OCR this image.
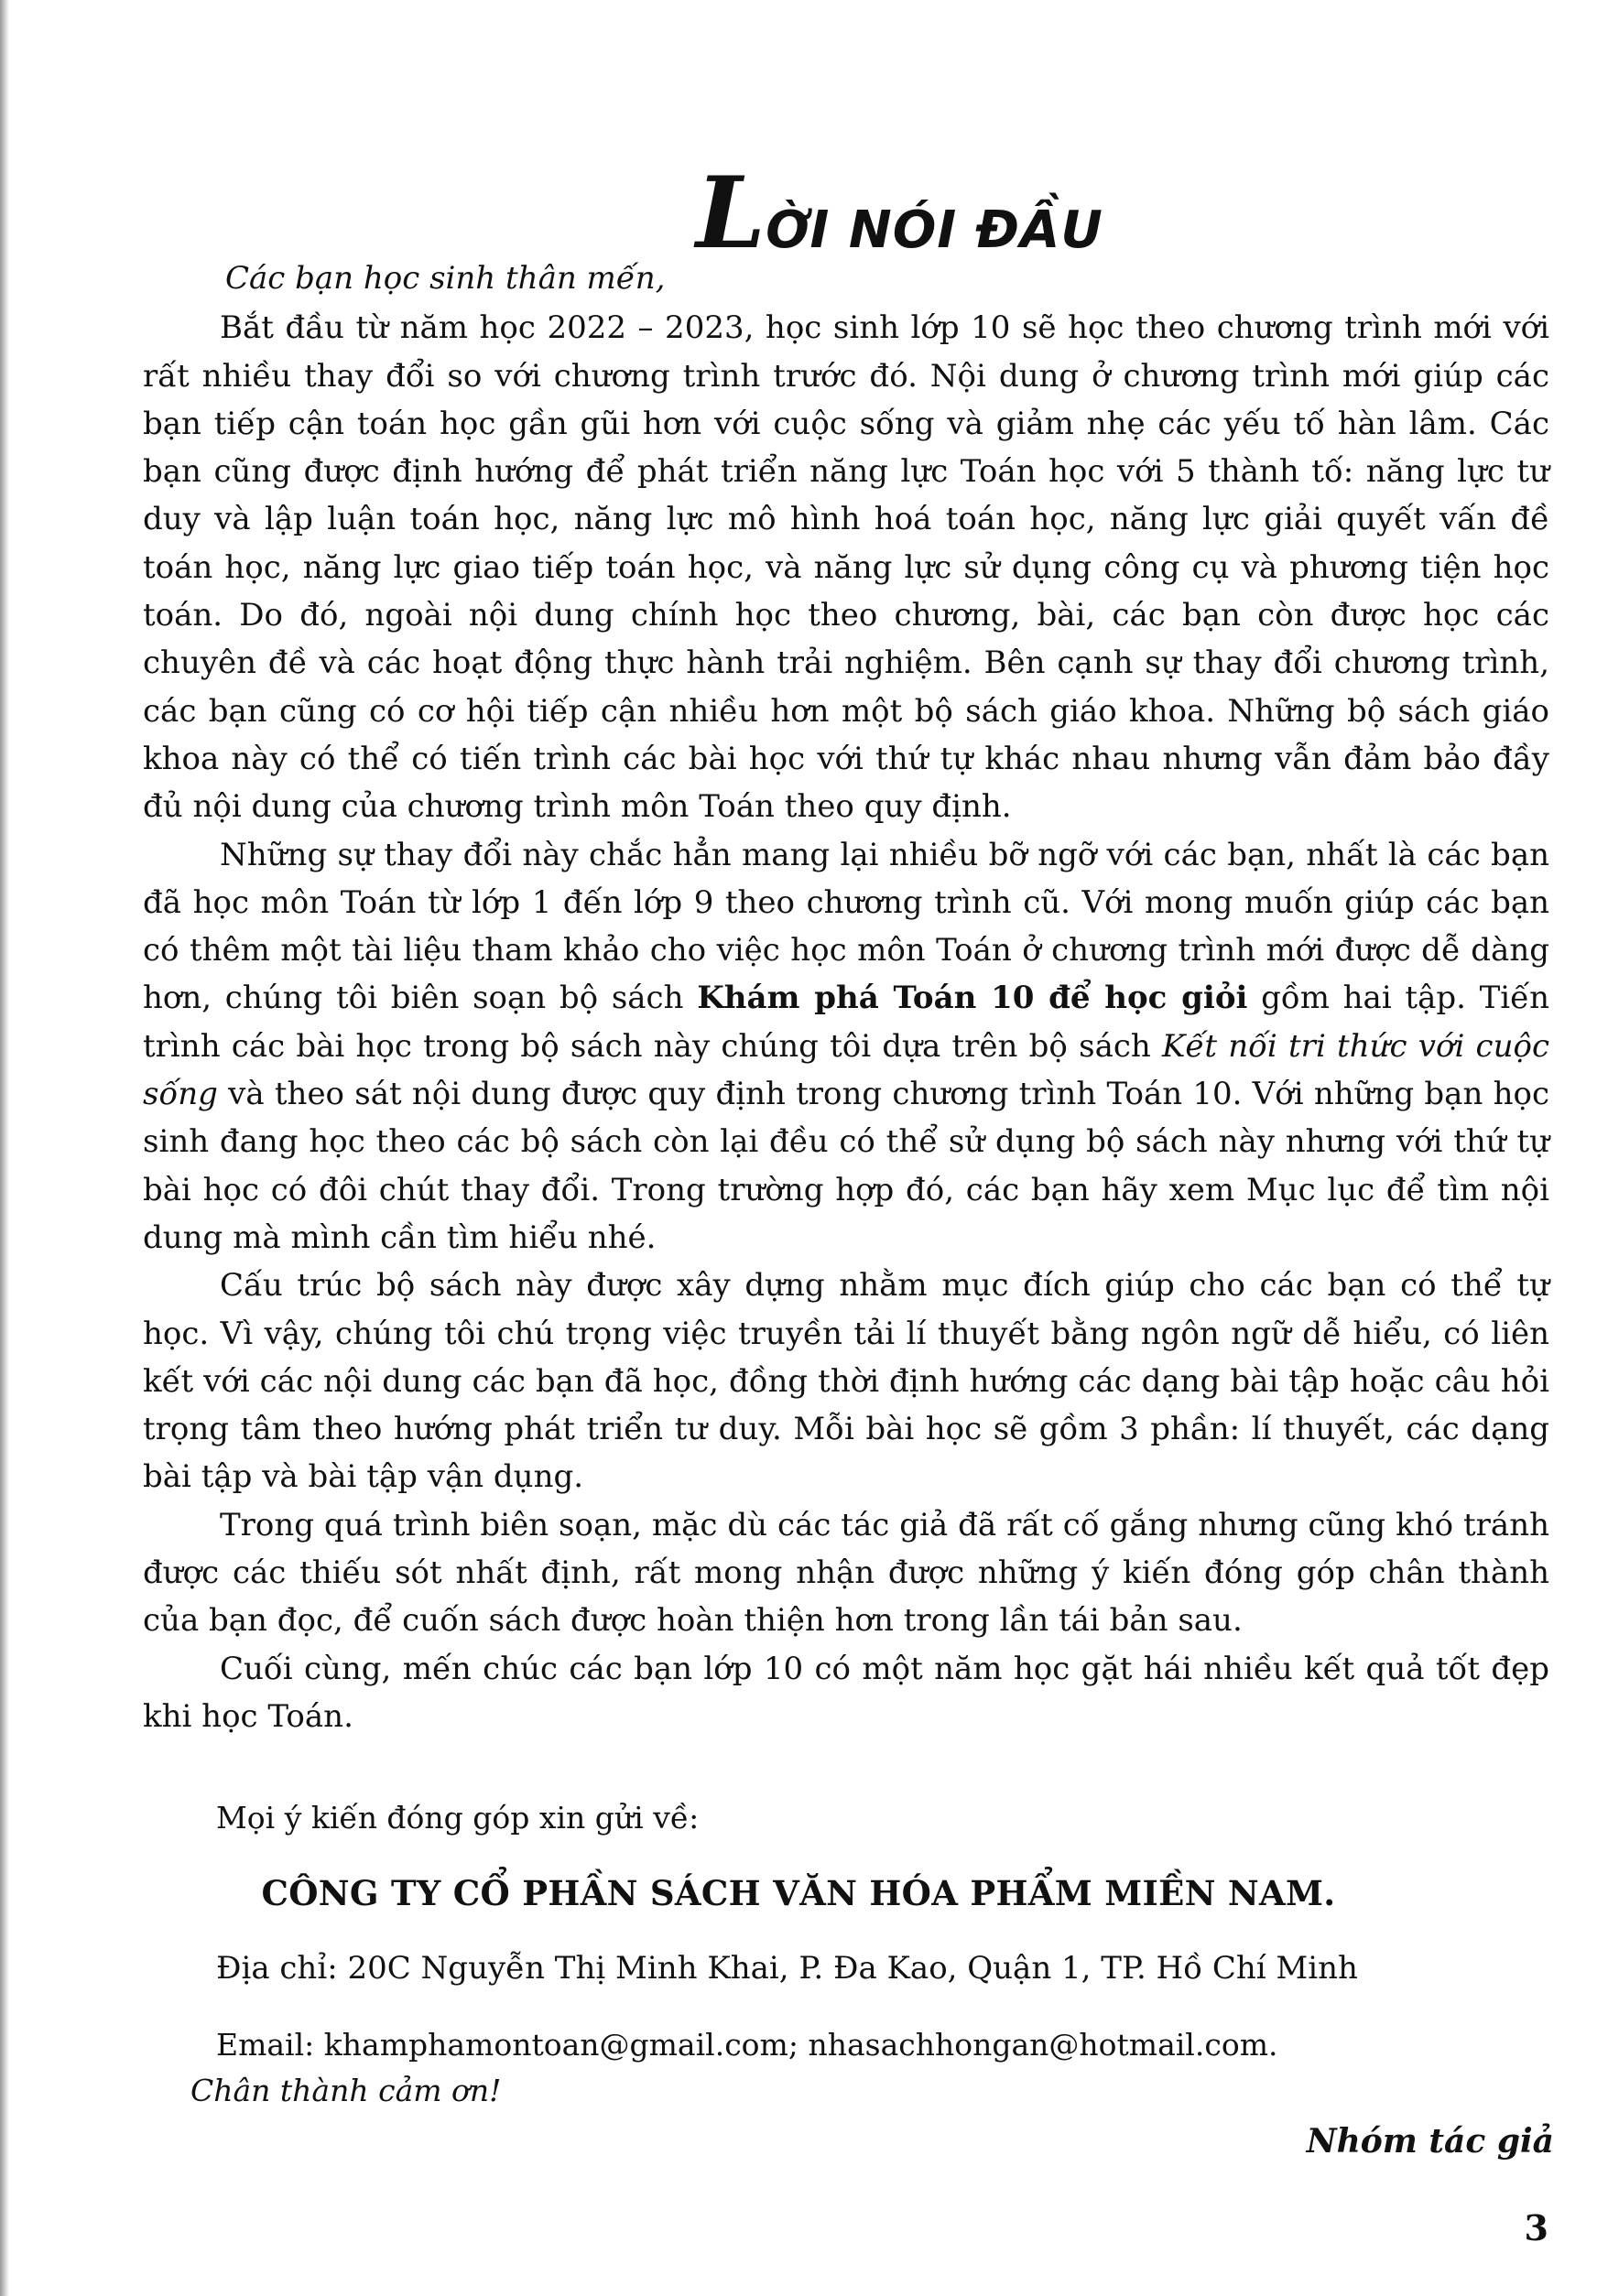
LỜI NÓI ĐẦU

Các bạn học sinh thân mến,

Bắt đầu từ năm học 2022 – 2023, học sinh lớp 10 sẽ học theo chương trình mới với rất nhiều thay đổi so với chương trình trước đó. Nội dung ở chương trình mới giúp các bạn tiếp cận toán học gần gũi hơn với cuộc sống và giảm nhẹ các yếu tố hàn lâm. Các bạn cũng được định hướng để phát triển năng lực Toán học với 5 thành tố: năng lực tư duy và lập luận toán học, năng lực mô hình hoá toán học, năng lực giải quyết vấn đề toán học, năng lực giao tiếp toán học, và năng lực sử dụng công cụ và phương tiện học toán. Do đó, ngoài nội dung chính học theo chương, bài, các bạn còn được học các chuyên đề và các hoạt động thực hành trải nghiệm. Bên cạnh sự thay đổi chương trình, các bạn cũng có cơ hội tiếp cận nhiều hơn một bộ sách giáo khoa. Những bộ sách giáo khoa này có thể có tiến trình các bài học với thứ tự khác nhau nhưng vẫn đảm bảo đầy đủ nội dung của chương trình môn Toán theo quy định.

Những sự thay đổi này chắc hẳn mang lại nhiều bỡ ngỡ với các bạn, nhất là các bạn đã học môn Toán từ lớp 1 đến lớp 9 theo chương trình cũ. Với mong muốn giúp các bạn có thêm một tài liệu tham khảo cho việc học môn Toán ở chương trình mới được dễ dàng hơn, chúng tôi biên soạn bộ sách Khám phá Toán 10 để học giỏi gồm hai tập. Tiến trình các bài học trong bộ sách này chúng tôi dựa trên bộ sách Kết nối tri thức với cuộc sống và theo sát nội dung được quy định trong chương trình Toán 10. Với những bạn học sinh đang học theo các bộ sách còn lại đều có thể sử dụng bộ sách này nhưng với thứ tự bài học có đôi chút thay đổi. Trong trường hợp đó, các bạn hãy xem Mục lục để tìm nội dung mà mình cần tìm hiểu nhé.

Cấu trúc bộ sách này được xây dựng nhằm mục đích giúp cho các bạn có thể tự học. Vì vậy, chúng tôi chú trọng việc truyền tải lí thuyết bằng ngôn ngữ dễ hiểu, có liên kết với các nội dung các bạn đã học, đồng thời định hướng các dạng bài tập hoặc câu hỏi trọng tâm theo hướng phát triển tư duy. Mỗi bài học sẽ gồm 3 phần: lí thuyết, các dạng bài tập và bài tập vận dụng.

Trong quá trình biên soạn, mặc dù các tác giả đã rất cố gắng nhưng cũng khó tránh được các thiếu sót nhất định, rất mong nhận được những ý kiến đóng góp chân thành của bạn đọc, để cuốn sách được hoàn thiện hơn trong lần tái bản sau.

Cuối cùng, mến chúc các bạn lớp 10 có một năm học gặt hái nhiều kết quả tốt đẹp khi học Toán.

Mọi ý kiến đóng góp xin gửi về:
CÔNG TY CỔ PHẦN SÁCH VĂN HÓA PHẨM MIỀN NAM.
Địa chỉ: 20C Nguyễn Thị Minh Khai, P. Đa Kao, Quận 1, TP. Hồ Chí Minh
Email: khamphamontoan@gmail.com; nhasachhongan@hotmail.com.
Chân thành cảm ơn!
Nhóm tác giả
3
